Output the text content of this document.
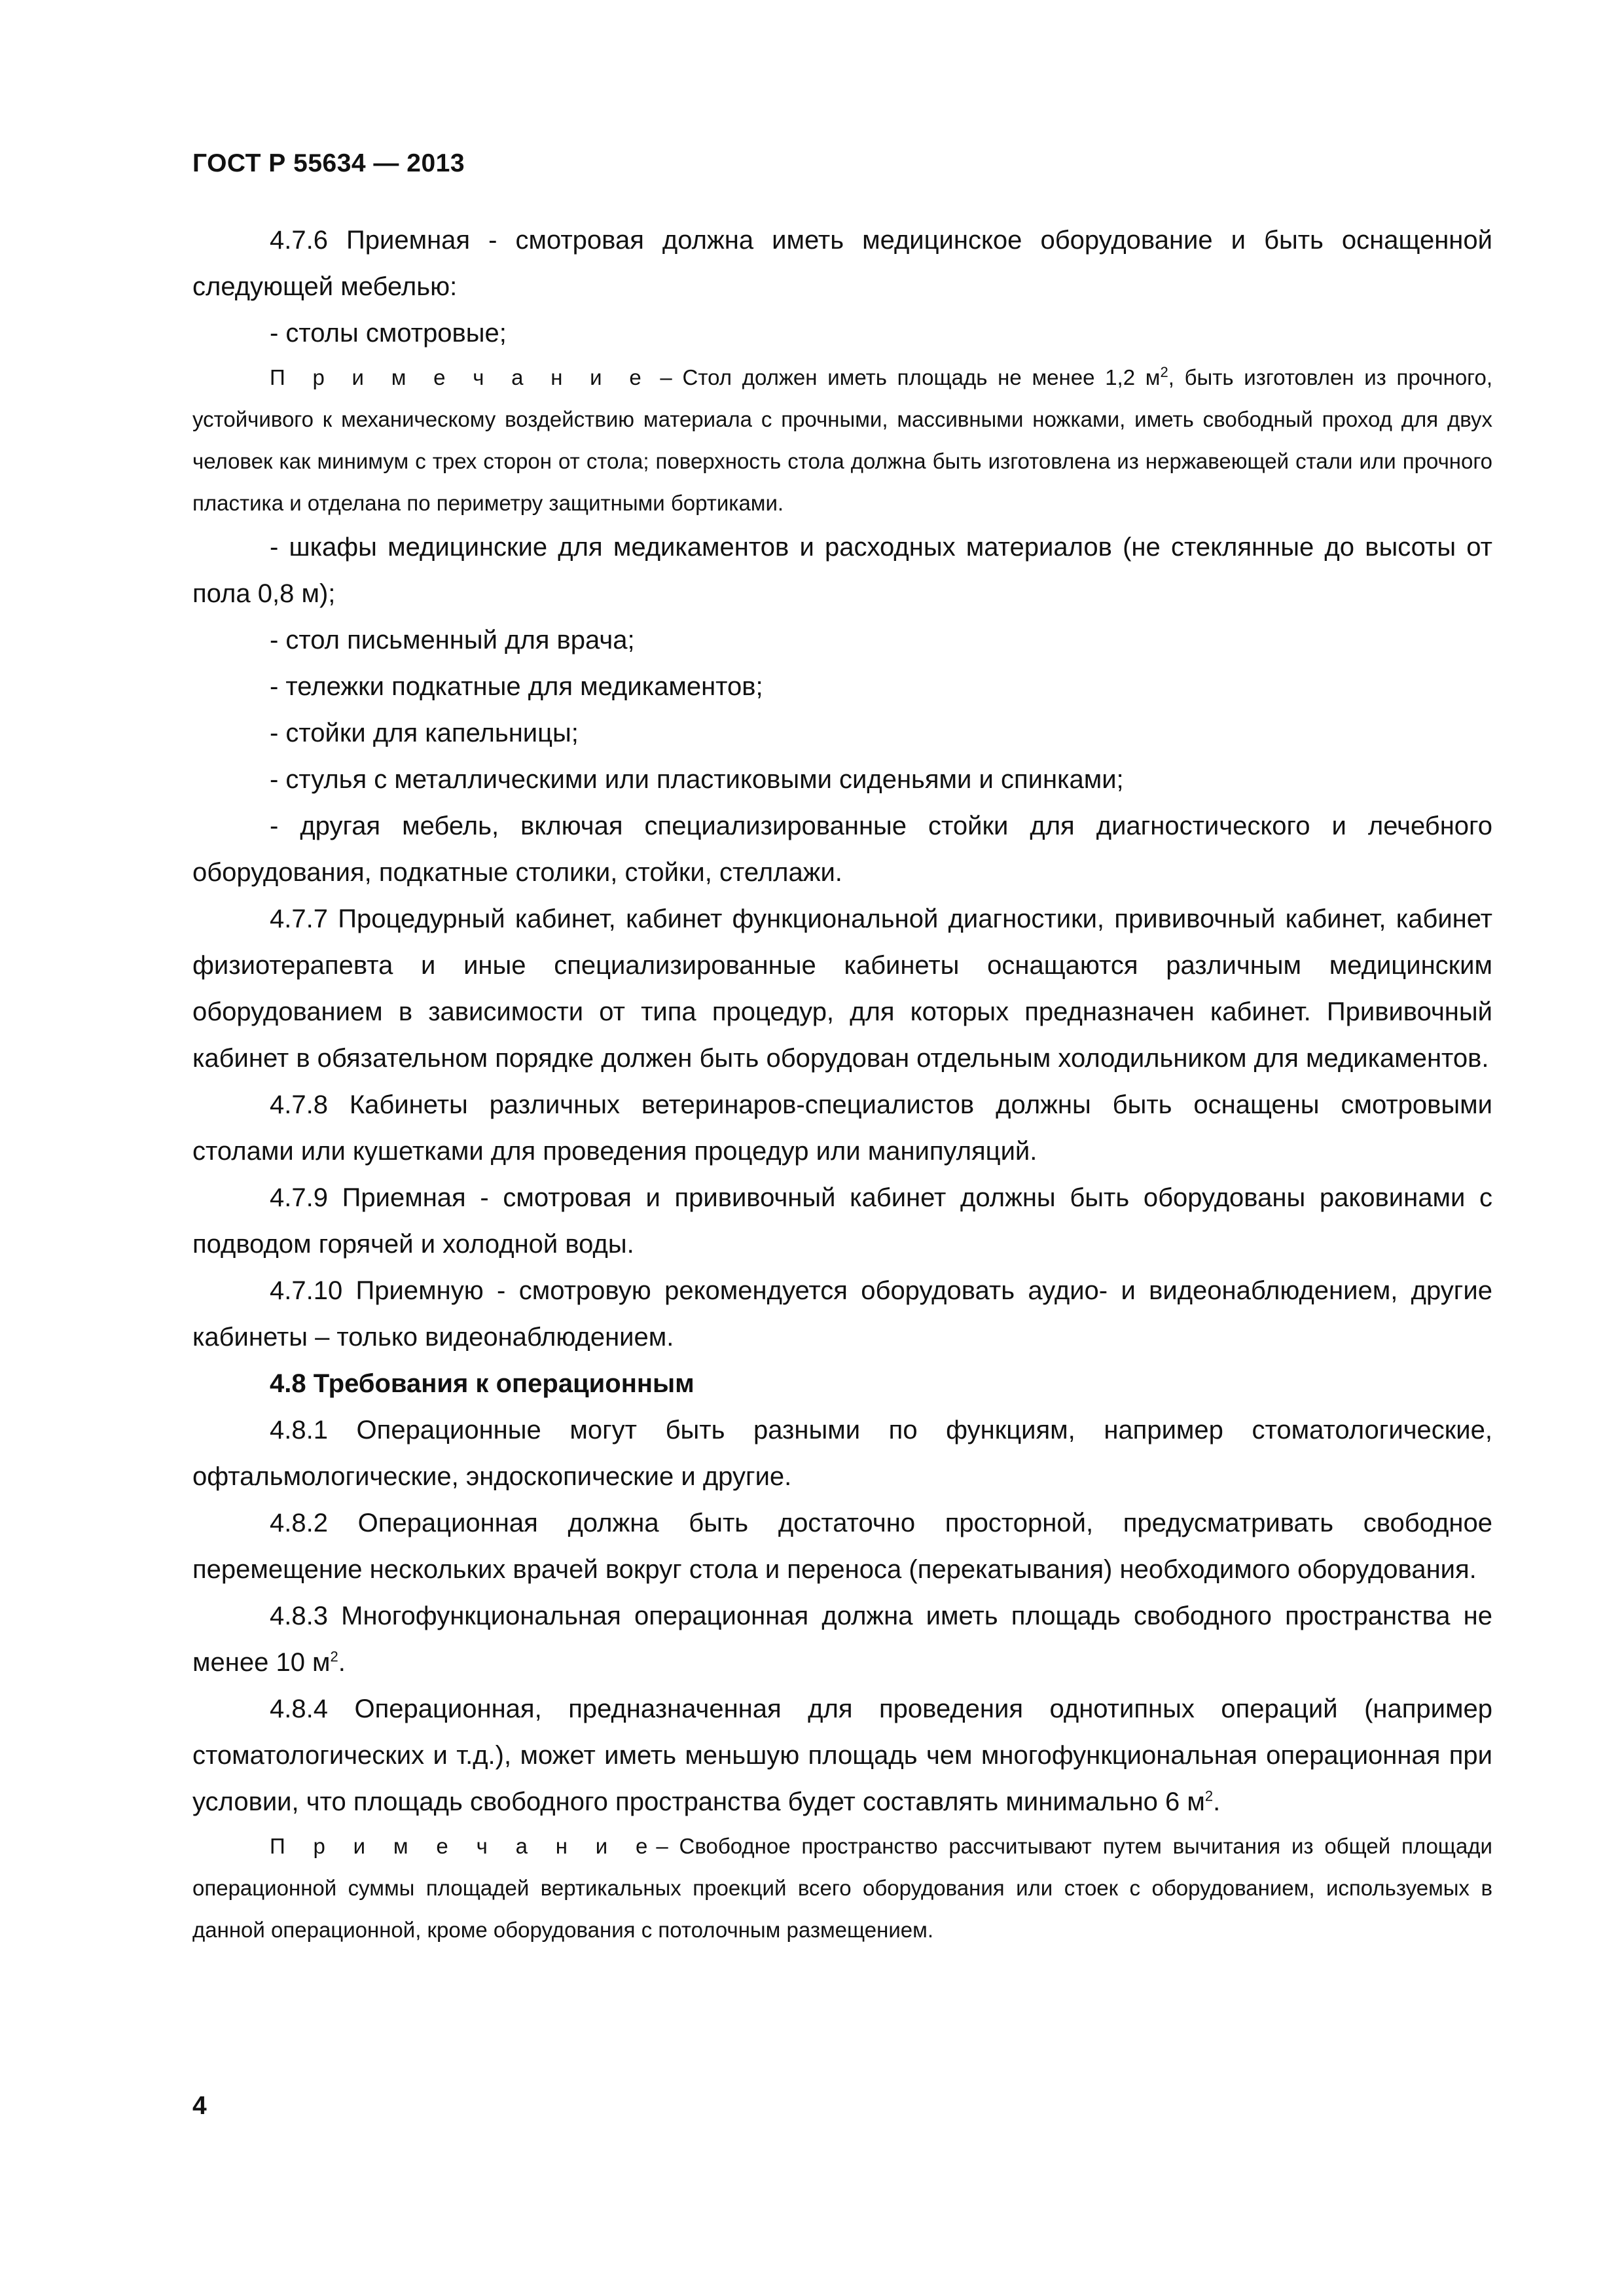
ГОСТ Р 55634 — 2013

4.7.6 Приемная - смотровая должна иметь медицинское оборудование и быть оснащенной следующей мебелью:

- столы смотровые;

П р и м е ч а н и е – Стол должен иметь площадь не менее 1,2 $м^2$, быть изготовлен из прочного, устойчивого к механическому воздействию материала с прочными, массивными ножками, иметь свободный проход для двух человек как минимум с трех сторон от стола; поверхность стола должна быть изготовлена из нержавеющей стали или прочного пластика и отделана по периметру защитными бортиками.

- шкафы медицинские для медикаментов и расходных материалов (не стеклянные до высоты от пола 0,8 м);

- стол письменный для врача;

- тележки подкатные для медикаментов;

- стойки для капельницы;

- стулья с металлическими или пластиковыми сиденьями и спинками;

- другая мебель, включая специализированные стойки для диагностического и лечебного оборудования, подкатные столики, стойки, стеллажи.

4.7.7 Процедурный кабинет, кабинет функциональной диагностики, прививочный кабинет, кабинет физиотерапевта и иные специализированные кабинеты оснащаются различным медицинским оборудованием в зависимости от типа процедур, для которых предназначен кабинет. Прививочный кабинет в обязательном порядке должен быть оборудован отдельным холодильником для медикаментов.

4.7.8 Кабинеты различных ветеринаров-специалистов должны быть оснащены смотровыми столами или кушетками для проведения процедур или манипуляций.

4.7.9 Приемная - смотровая и прививочный кабинет должны быть оборудованы раковинами с подводом горячей и холодной воды.

4.7.10 Приемную - смотровую рекомендуется оборудовать аудио- и видеонаблюдением, другие кабинеты – только видеонаблюдением.

4.8 Требования к операционным

4.8.1 Операционные могут быть разными по функциям, например стоматологические, офтальмологические, эндоскопические и другие.

4.8.2 Операционная должна быть достаточно просторной, предусматривать свободное перемещение нескольких врачей вокруг стола и переноса (перекатывания) необходимого оборудования.

4.8.3 Многофункциональная операционная должна иметь площадь свободного пространства не менее 10 $м^2$.

4.8.4 Операционная, предназначенная для проведения однотипных операций (например стоматологических и т.д.), может иметь меньшую площадь чем многофункциональная операционная при условии, что площадь свободного пространства будет составлять минимально 6 $м^2$.

П р и м е ч а н и е– Свободное пространство рассчитывают путем вычитания из общей площади операционной суммы площадей вертикальных проекций всего оборудования или стоек с оборудованием, используемых в данной операционной, кроме оборудования с потолочным размещением.

4
